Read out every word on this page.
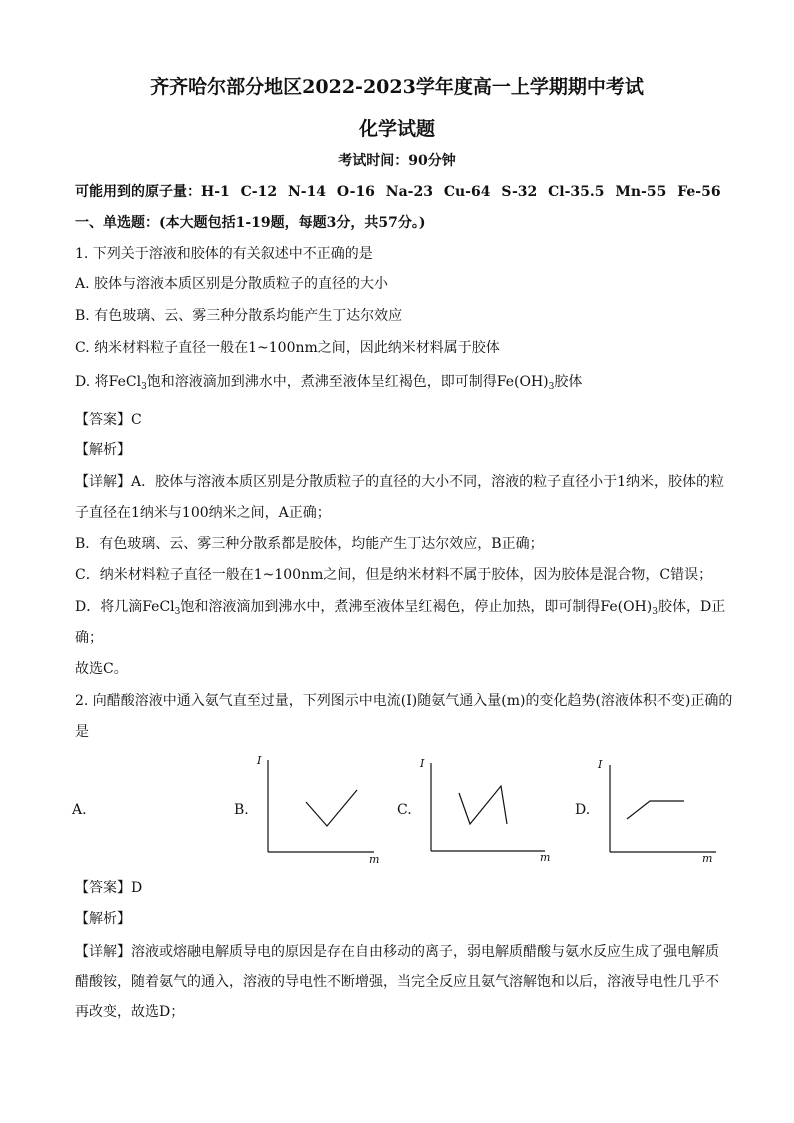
齐齐哈尔部分地区2022-2023学年度高一上学期期中考试
化学试题
考试时间：90分钟
可能用到的原子量：H-1 C-12 N-14 O-16 Na-23 Cu-64 S-32 Cl-35.5 Mn-55 Fe-56
一、单选题：(本大题包括1-19题，每题3分，共57分。)
1. 下列关于溶液和胶体的有关叙述中不正确的是
A. 胶体与溶液本质区别是分散质粒子的直径的大小
B. 有色玻璃、云、雾三种分散系均能产生丁达尔效应
C. 纳米材料粒子直径一般在1~100nm之间，因此纳米材料属于胶体
D. 将FeCl$_3$饱和溶液滴加到沸水中，煮沸至液体呈红褐色，即可制得$Fe(OH)_3$胶体
【答案】C
【解析】
【详解】A．胶体与溶液本质区别是分散质粒子的直径的大小不同，溶液的粒子直径小于1纳米，胶体的粒
子直径在1纳米与100纳米之间，A正确；
B．有色玻璃、云、雾三种分散系都是胶体，均能产生丁达尔效应，B正确；
C．纳米材料粒子直径一般在1~100nm之间，但是纳米材料不属于胶体，因为胶体是混合物，C错误；
D．将几滴FeCl$_3$饱和溶液滴加到沸水中，煮沸至液体呈红褐色，停止加热，即可制得$Fe(OH)_3$胶体，D正
确；
故选C。
2. 向醋酸溶液中通入氨气直至过量，下列图示中电流(I)随氨气通入量(m)的变化趋势(溶液体积不变)正确的
是
A.	B.	C.	D.
I
m
I
m
I
m
【答案】D
【解析】
【详解】溶液或熔融电解质导电的原因是存在自由移动的离子，弱电解质醋酸与氨水反应生成了强电解质
醋酸铵，随着氨气的通入，溶液的导电性不断增强，当完全反应且氨气溶解饱和以后，溶液导电性几乎不
再改变，故选D；
